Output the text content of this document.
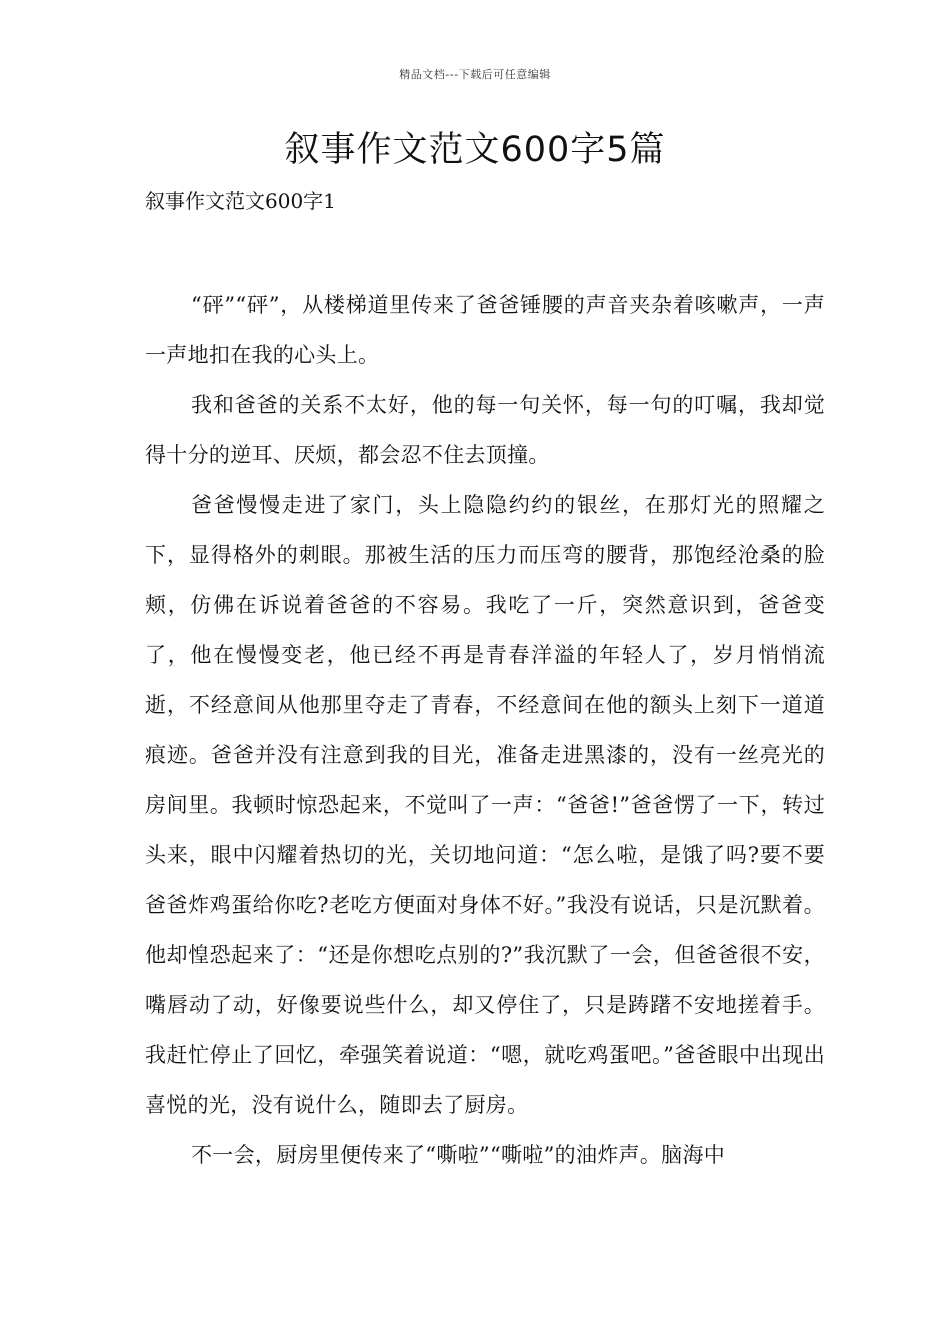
精品文档---下载后可任意编辑
叙事作文范文600字5篇
叙事作文范文600字1

“砰”“砰”，从楼梯道里传来了爸爸锤腰的声音夹杂着咳嗽声，一声一声地扣在我的心头上。

我和爸爸的关系不太好，他的每一句关怀，每一句的叮嘱，我却觉得十分的逆耳、厌烦，都会忍不住去顶撞。

爸爸慢慢走进了家门，头上隐隐约约的银丝，在那灯光的照耀之下，显得格外的刺眼。那被生活的压力而压弯的腰背，那饱经沧桑的脸颊，仿佛在诉说着爸爸的不容易。我吃了一斤，突然意识到，爸爸变了，他在慢慢变老，他已经不再是青春洋溢的年轻人了，岁月悄悄流逝，不经意间从他那里夺走了青春，不经意间在他的额头上刻下一道道痕迹。爸爸并没有注意到我的目光，准备走进黑漆的，没有一丝亮光的房间里。我顿时惊恐起来，不觉叫了一声：“爸爸!”爸爸愣了一下，转过头来，眼中闪耀着热切的光，关切地问道：“怎么啦，是饿了吗?要不要爸爸炸鸡蛋给你吃?老吃方便面对身体不好。”我没有说话，只是沉默着。他却惶恐起来了：“还是你想吃点别的?”我沉默了一会，但爸爸很不安，嘴唇动了动，好像要说些什么，却又停住了，只是踌躇不安地搓着手。我赶忙停止了回忆，牵强笑着说道：“嗯，就吃鸡蛋吧。”爸爸眼中出现出喜悦的光，没有说什么，随即去了厨房。

不一会，厨房里便传来了“嘶啦”“嘶啦”的油炸声。脑海中
